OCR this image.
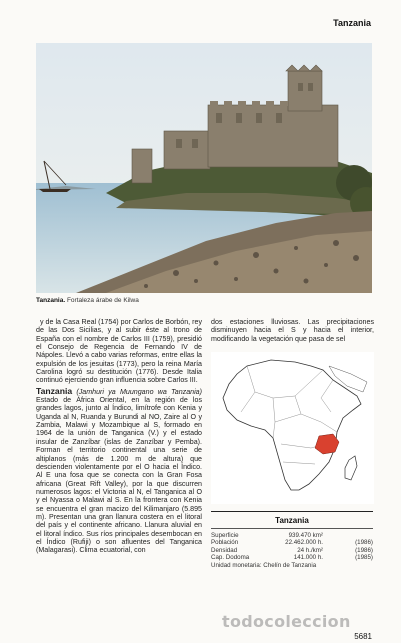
Tanzania
Tanzania. Fortaleza árabe de Kilwa

y de la Casa Real (1754) por Carlos de Borbón, rey de las Dos Sicilias, y al subir éste al trono de España con el nombre de Carlos III (1759), presidió el Consejo de Regencia de Fernando IV de Nápoles. Llevó a cabo varias reformas, entre ellas la expulsión de los jesuitas (1773), pero la reina María Carolina logró su destitución (1776). Desde Italia continuó ejerciendo gran influencia sobre Carlos III.

Tanzania (Jamhuri ya Muungano wa Tanzania) Estado de África Oriental, en la región de los grandes lagos, junto al Índico, limítrofe con Kenia y Uganda al N, Ruanda y Burundi al NO, Zaire al O y Zambia, Malawi y Mozambique al S, formado en 1964 de la unión de Tanganica (V.) y el estado insular de Zanzíbar (islas de Zanzíbar y Pemba). Forman el territorio continental una serie de altiplanos (más de 1.200 m de altura) que descienden violentamente por el O hacia el Índico. Al E una fosa que se conecta con la Gran Fosa africana (Great Rift Valley), por la que discurren numerosos lagos: el Victoria al N, el Tanganica al O y el Nyassa o Malawi al S. En la frontera con Kenia se encuentra el gran macizo del Kilimanjaro (5.895 m). Presentan una gran llanura costera en el litoral del país y el continente africano. Llanura aluvial en el litoral índico. Sus ríos principales desembocan en el Índico (Rufiji) o son afluentes del Tanganica (Malagarasi). Clima ecuatorial, con

dos estaciones lluviosas. Las precipitaciones disminuyen hacia el S y hacia el interior, modificando la vegetación que pasa de sel
Tanzania
Superficie	939.470 km²
Población	22.462.000 h.	(1986)
Densidad	24 h./km²	(1986)
Cap. Dodoma	141.000 h.	(1985)
Unidad monetaria: Chelín de Tanzania
todocoleccion
5681
